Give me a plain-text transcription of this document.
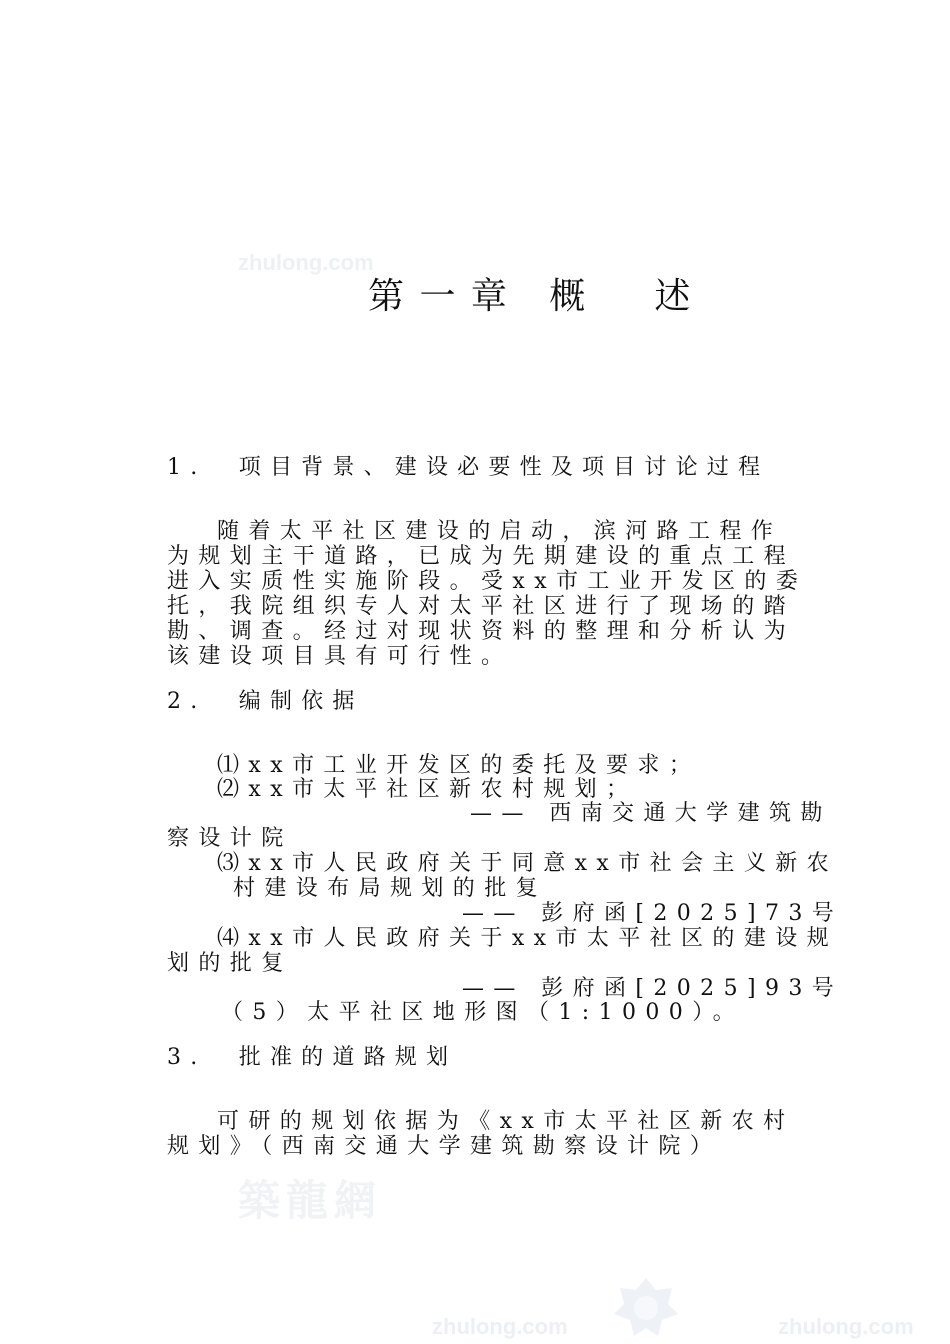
zhulong.com
築龍網
zhulong.com	zhulong.com
第 一 章   概     述
1.  项目背景、建设必要性及项目讨论过程
随着太平社区建设的启动，滨河路工程作
为规划主干道路，已成为先期建设的重点工程
进入实质性实施阶段。受xx市工业开发区的委
托，我院组织专人对太平社区进行了现场的踏
勘、调查。经过对现状资料的整理和分析认为
该建设项目具有可行性。
2.  编制依据
⑴xx市工业开发区的委托及要求；
⑵xx市太平社区新农村规划；
—— 西南交通大学建筑勘
察设计院
⑶xx市人民政府关于同意xx市社会主义新农
村建设布局规划的批复
—— 彭府函[2025]73号
⑷xx市人民政府关于xx市太平社区的建设规
划的批复
—— 彭府函[2025]93号
（5）太平社区地形图（1:1000）。
3.  批准的道路规划
可研的规划依据为《xx市太平社区新农村
规划》（西南交通大学建筑勘察设计院）
